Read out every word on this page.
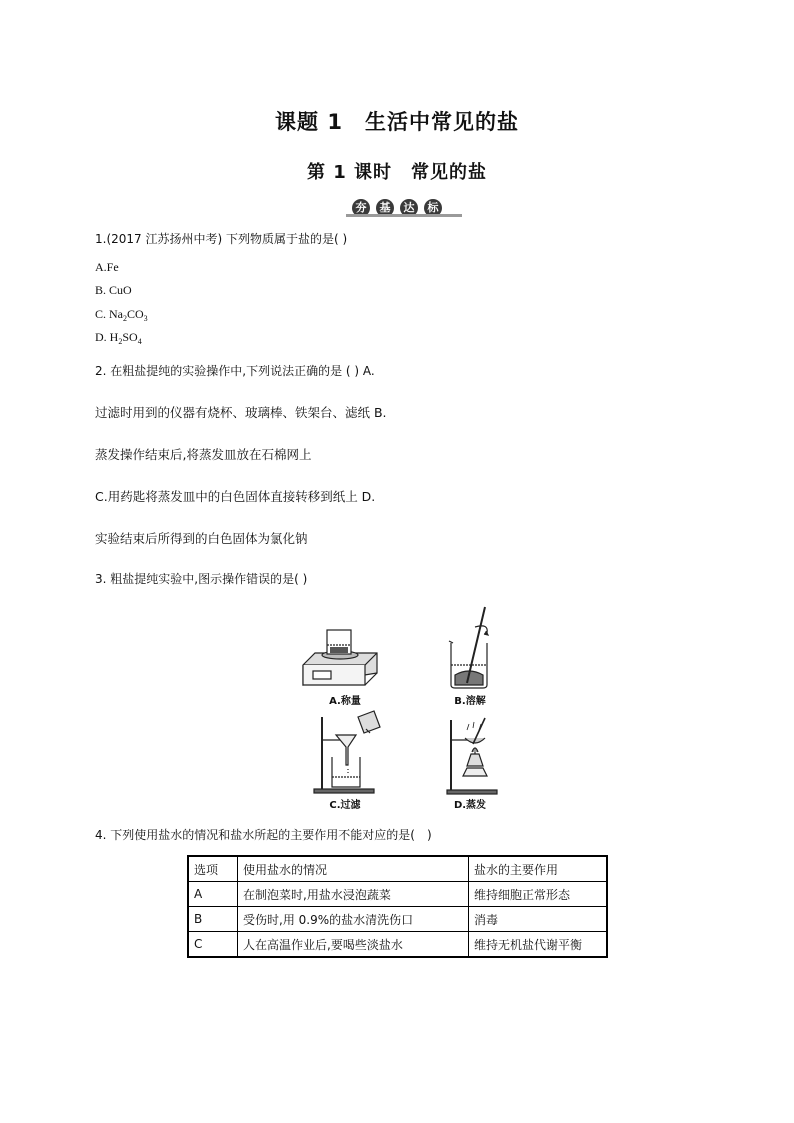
课题 1　生活中常见的盐
第 1 课时　常见的盐
夯 基 达 标
1.(2017 江苏扬州中考) 下列物质属于盐的是( )
A.Fe
B. CuO
C. $Na_2CO_3$
D. $H_2SO_4$
2. 在粗盐提纯的实验操作中,下列说法正确的是 ( ) A.
过滤时用到的仪器有烧杯、玻璃棒、铁架台、滤纸 B.
蒸发操作结束后,将蒸发皿放在石棉网上
C.用药匙将蒸发皿中的白色固体直接转移到纸上 D.
实验结束后所得到的白色固体为氯化钠
3. 粗盐提纯实验中,图示操作错误的是( )
A.称量	B.溶解
C.过滤	D.蒸发
4. 下列使用盐水的情况和盐水所起的主要作用不能对应的是(　)
选项	使用盐水的情况	盐水的主要作用
A	在制泡菜时,用盐水浸泡蔬菜	维持细胞正常形态
B	受伤时,用 0.9%的盐水清洗伤口	消毒
C	人在高温作业后,要喝些淡盐水	维持无机盐代谢平衡
